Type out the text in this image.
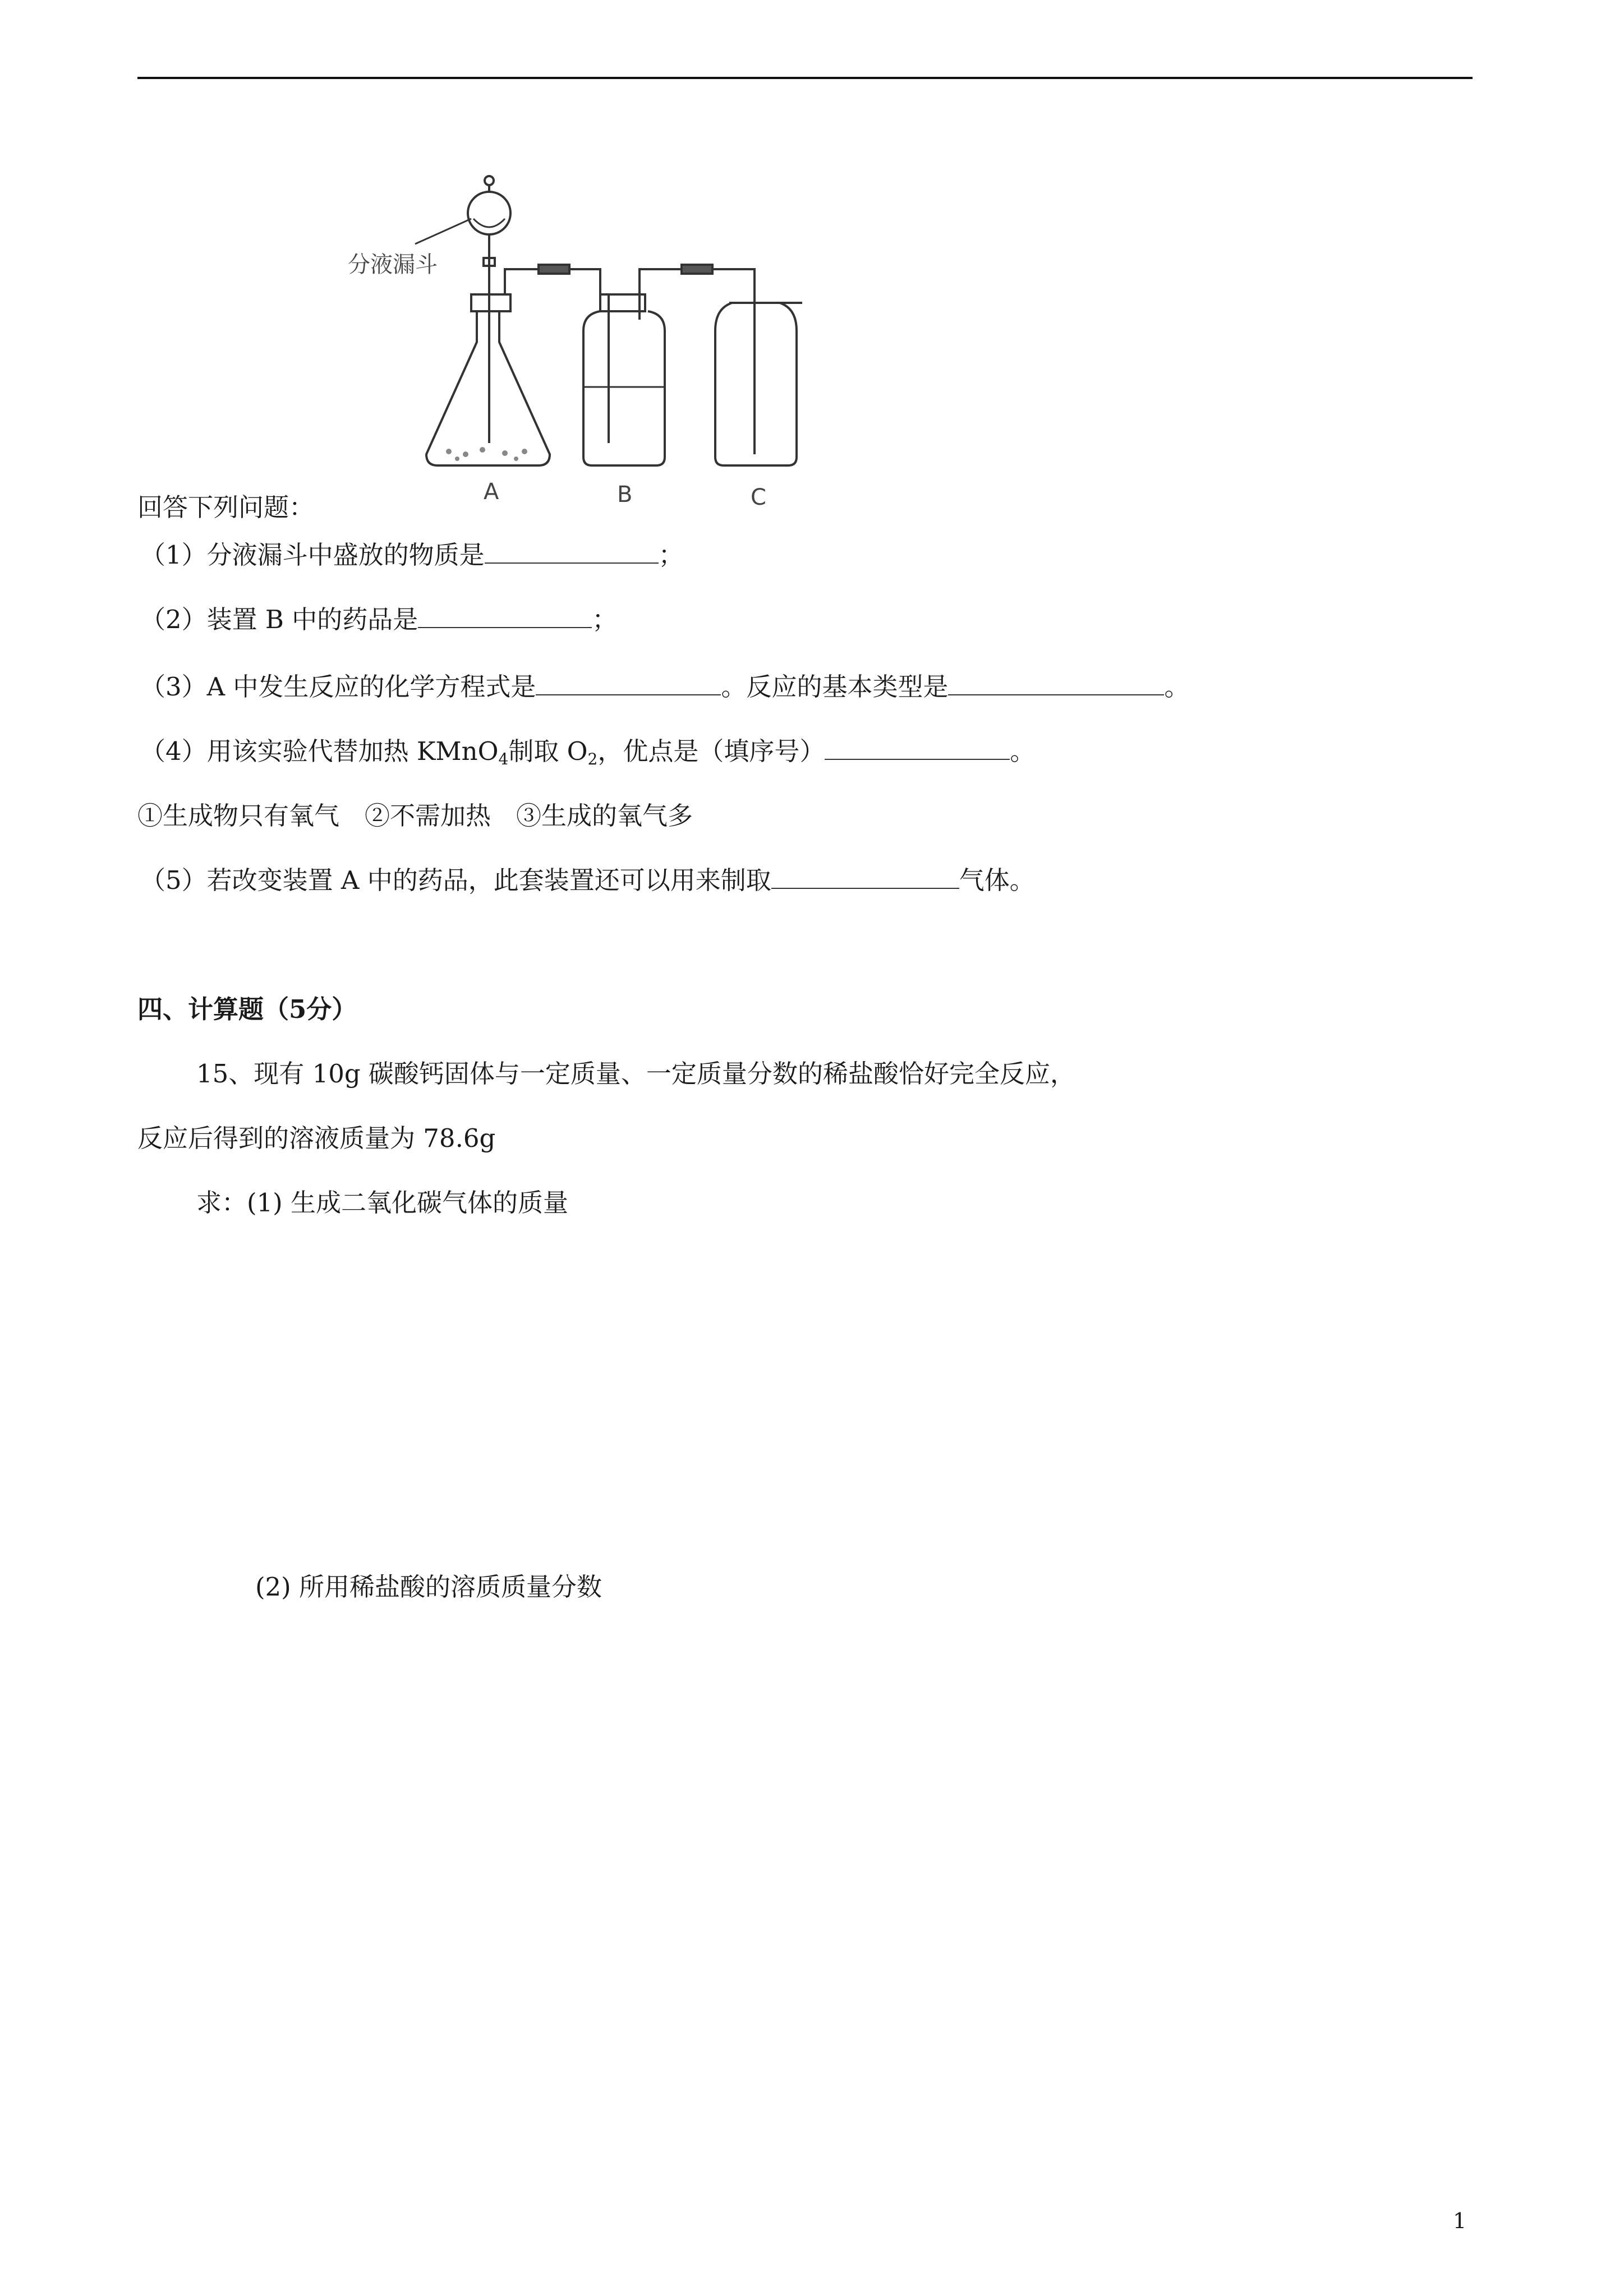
分液漏斗
A	B	C
回答下列问题：
（1）分液漏斗中盛放的物质是	；
（2）装置 B 中的药品是	；
（3）A 中发生反应的化学方程式是	。反应的基本类型是	。
（4）用该实验代替加热 KMnO$_4$制取 $O_2$，优点是（填序号）	。
①生成物只有氧气　②不需加热　③生成的氧气多
（5）若改变装置 A 中的药品，此套装置还可以用来制取	气体。
四、计算题（5分）
15、现有 10g 碳酸钙固体与一定质量、一定质量分数的稀盐酸恰好完全反应，
反应后得到的溶液质量为 78.6g
求：(1) 生成二氧化碳气体的质量
(2) 所用稀盐酸的溶质质量分数
1
